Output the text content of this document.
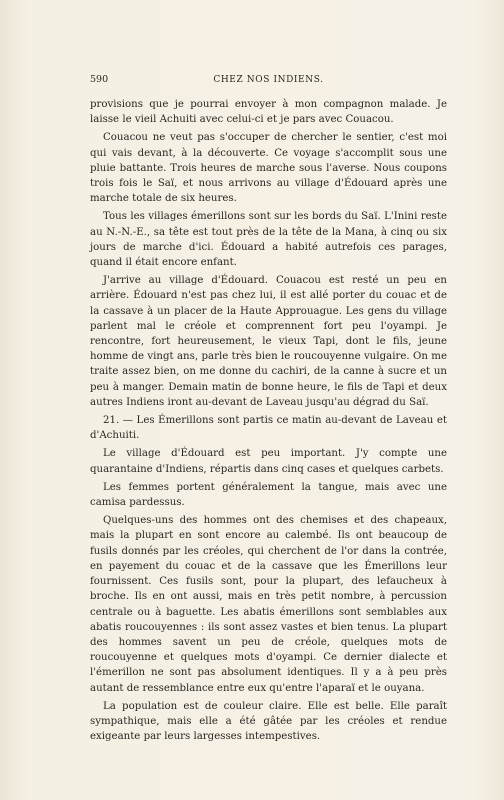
590	CHEZ NOS INDIENS.

provisions que je pourrai envoyer à mon compagnon malade. Je laisse le vieil Achuiti avec celui-ci et je pars avec Couacou.

Couacou ne veut pas s'occuper de chercher le sentier, c'est moi qui vais devant, à la découverte. Ce voyage s'accomplit sous une pluie battante. Trois heures de marche sous l'averse. Nous coupons trois fois le Saï, et nous arrivons au village d'Édouard après une marche totale de six heures.

Tous les villages émerillons sont sur les bords du Saï. L'Inini reste au N.-N.-E., sa tête est tout près de la tête de la Mana, à cinq ou six jours de marche d'ici. Édouard a habité autrefois ces parages, quand il était encore enfant.

J'arrive au village d'Édouard. Couacou est resté un peu en arrière. Édouard n'est pas chez lui, il est allé porter du couac et de la cassave à un placer de la Haute Approuague. Les gens du village parlent mal le créole et comprennent fort peu l'oyampi. Je rencontre, fort heureusement, le vieux Tapi, dont le fils, jeune homme de vingt ans, parle très bien le roucouyenne vulgaire. On me traite assez bien, on me donne du cachiri, de la canne à sucre et un peu à manger. Demain matin de bonne heure, le fils de Tapi et deux autres Indiens iront au-devant de Laveau jusqu'au dégrad du Saï.

21. — Les Émerillons sont partis ce matin au-devant de Laveau et d'Achuiti.

Le village d'Édouard est peu important. J'y compte une quarantaine d'Indiens, répartis dans cinq cases et quelques carbets.

Les femmes portent généralement la tangue, mais avec une camisa pardessus.

Quelques-uns des hommes ont des chemises et des chapeaux, mais la plupart en sont encore au calembé. Ils ont beaucoup de fusils donnés par les créoles, qui cherchent de l'or dans la contrée, en payement du couac et de la cassave que les Émerillons leur fournissent. Ces fusils sont, pour la plupart, des lefaucheux à broche. Ils en ont aussi, mais en très petit nombre, à percussion centrale ou à baguette. Les abatis émerillons sont semblables aux abatis roucouyennes : ils sont assez vastes et bien tenus. La plupart des hommes savent un peu de créole, quelques mots de roucouyenne et quelques mots d'oyampi. Ce dernier dialecte et l'émerillon ne sont pas absolument identiques. Il y a à peu près autant de ressemblance entre eux qu'entre l'aparaï et le ouyana.

La population est de couleur claire. Elle est belle. Elle paraît sympathique, mais elle a été gâtée par les créoles et rendue exigeante par leurs largesses intempestives.
